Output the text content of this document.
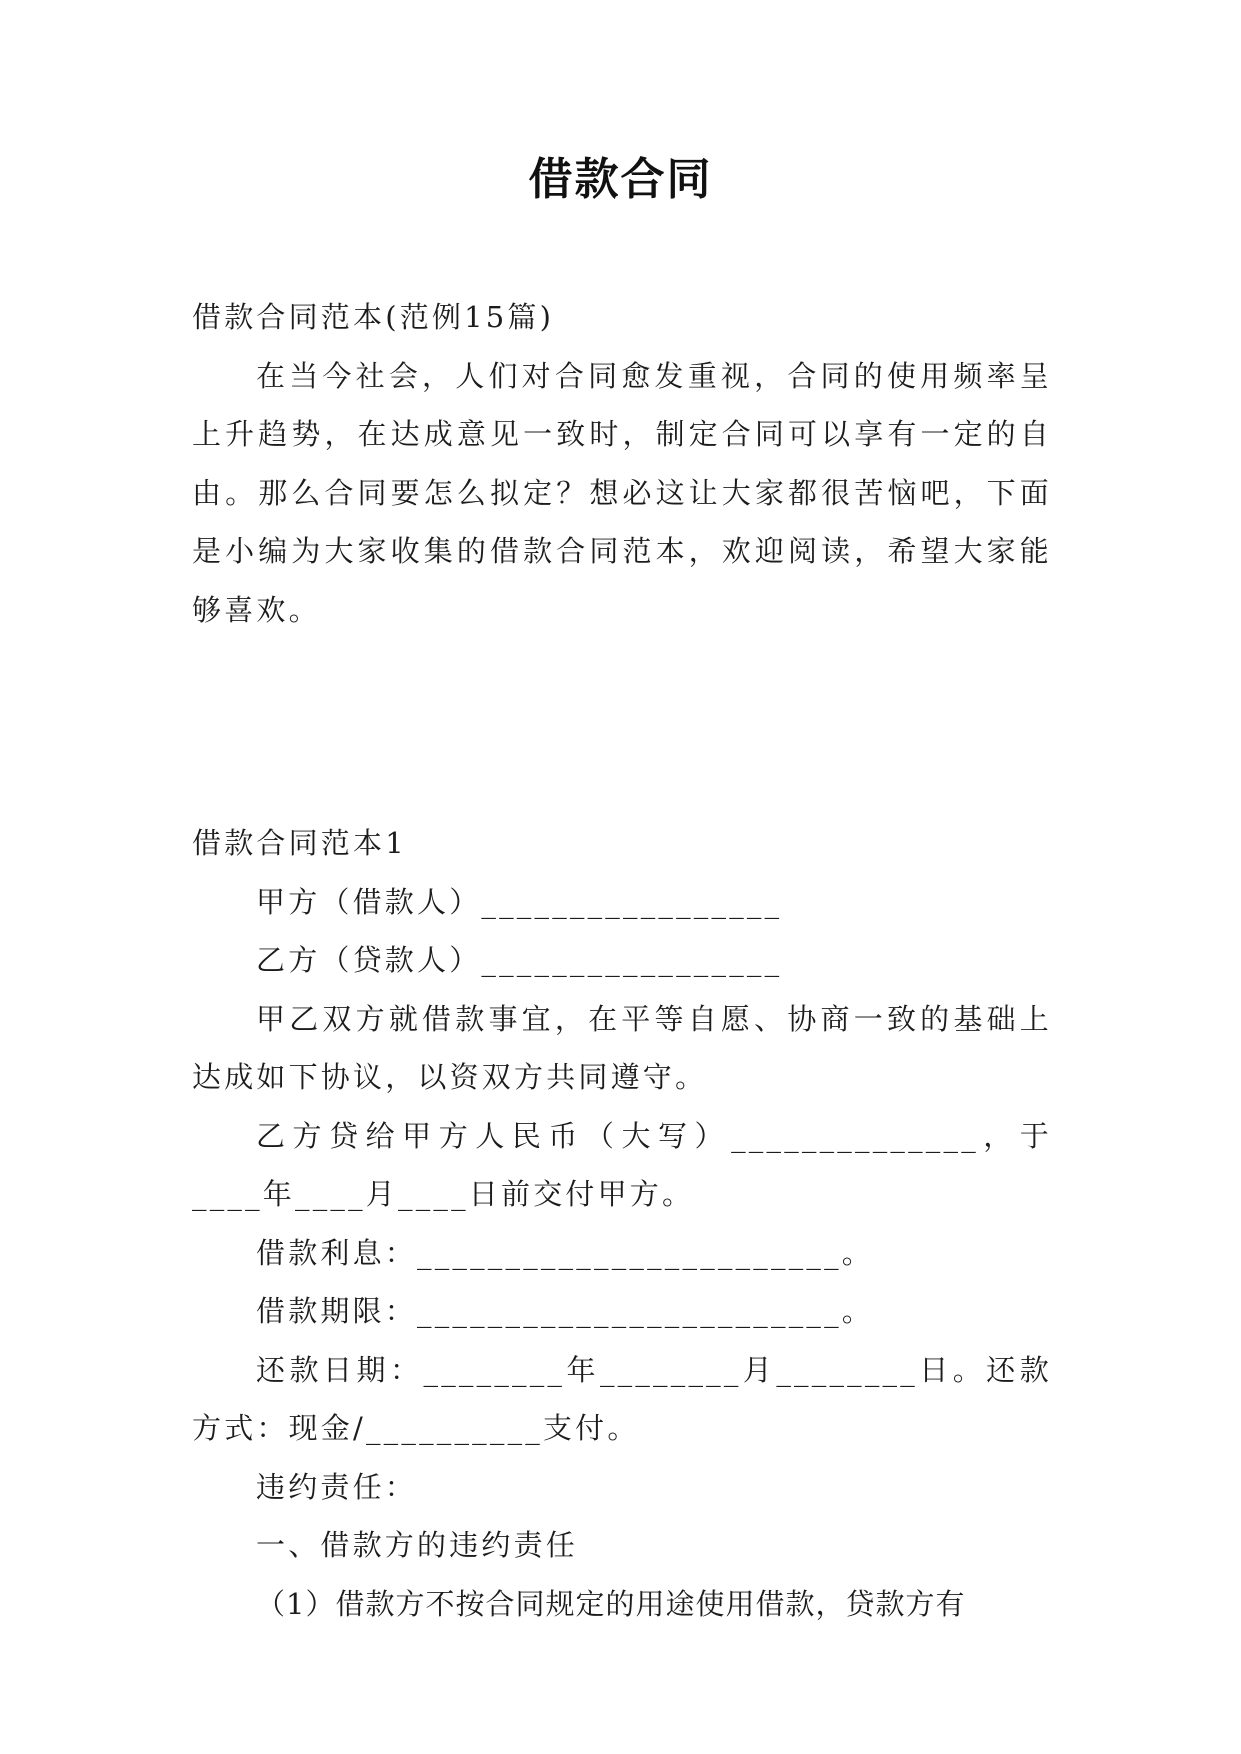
借款合同

借款合同范本(范例15篇)

在当今社会，人们对合同愈发重视，合同的使用频率呈上升趋势，在达成意见一致时，制定合同可以享有一定的自由。那么合同要怎么拟定？想必这让大家都很苦恼吧，下面是小编为大家收集的借款合同范本，欢迎阅读，希望大家能够喜欢。

借款合同范本1

甲方（借款人）_________________

乙方（贷款人）_________________

甲乙双方就借款事宜，在平等自愿、协商一致的基础上达成如下协议，以资双方共同遵守。

乙方贷给甲方人民币（大写）______________，于____年____月____日前交付甲方。

借款利息：________________________。

借款期限：________________________。

还款日期：________年________月________日。还款方式：现金/__________支付。

违约责任：

一、借款方的违约责任

（1）借款方不按合同规定的用途使用借款，贷款方有
